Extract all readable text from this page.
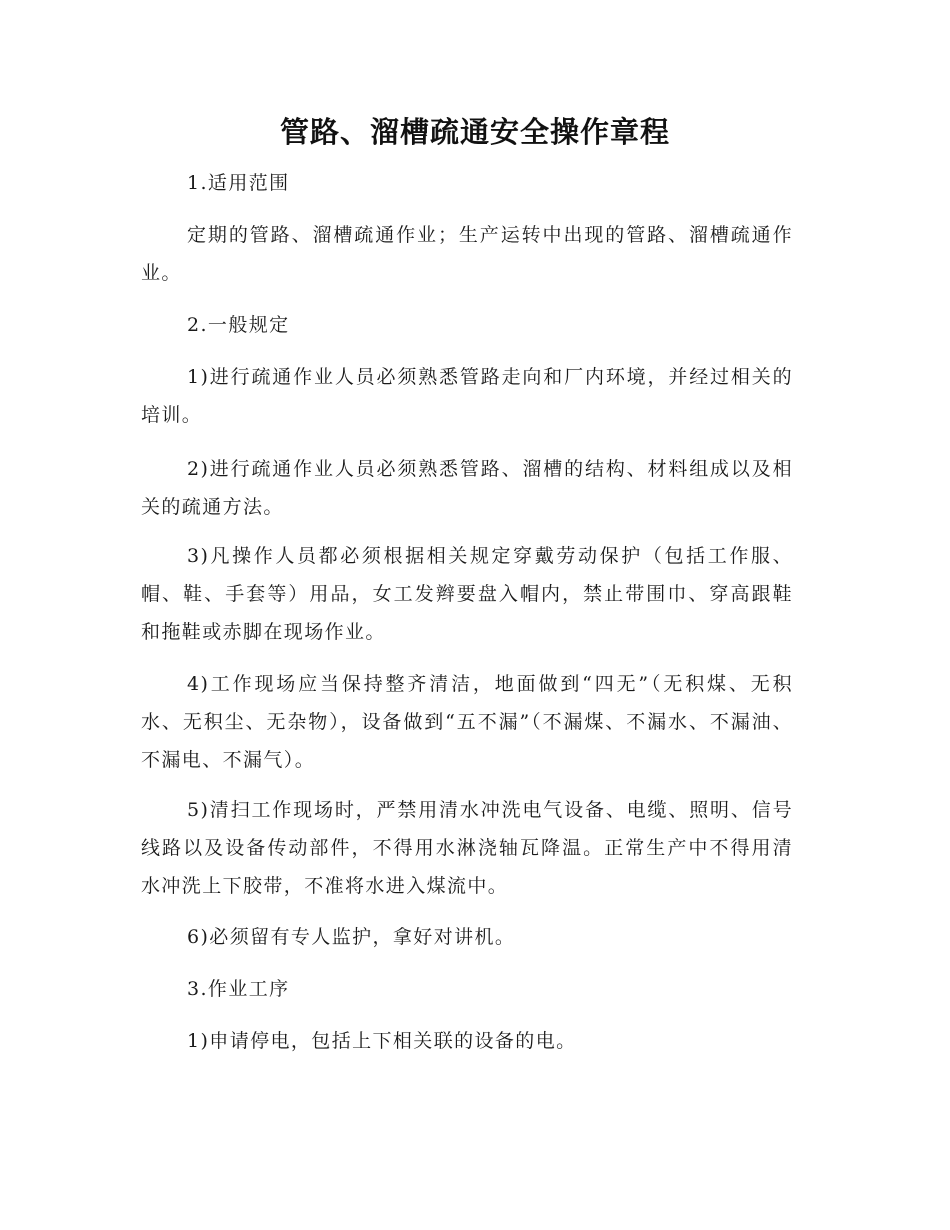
管路、溜槽疏通安全操作章程

1.适用范围

定期的管路、溜槽疏通作业；生产运转中出现的管路、溜槽疏通作业。

2.一般规定

1)进行疏通作业人员必须熟悉管路走向和厂内环境，并经过相关的培训。

2)进行疏通作业人员必须熟悉管路、溜槽的结构、材料组成以及相关的疏通方法。

3)凡操作人员都必须根据相关规定穿戴劳动保护（包括工作服、帽、鞋、手套等）用品，女工发辫要盘入帽内，禁止带围巾、穿高跟鞋和拖鞋或赤脚在现场作业。

4)工作现场应当保持整齐清洁，地面做到“四无”（无积煤、无积水、无积尘、无杂物），设备做到“五不漏”（不漏煤、不漏水、不漏油、不漏电、不漏气）。

5)清扫工作现场时，严禁用清水冲洗电气设备、电缆、照明、信号线路以及设备传动部件，不得用水淋浇轴瓦降温。正常生产中不得用清水冲洗上下胶带，不准将水进入煤流中。

6)必须留有专人监护，拿好对讲机。

3.作业工序

1)申请停电，包括上下相关联的设备的电。
